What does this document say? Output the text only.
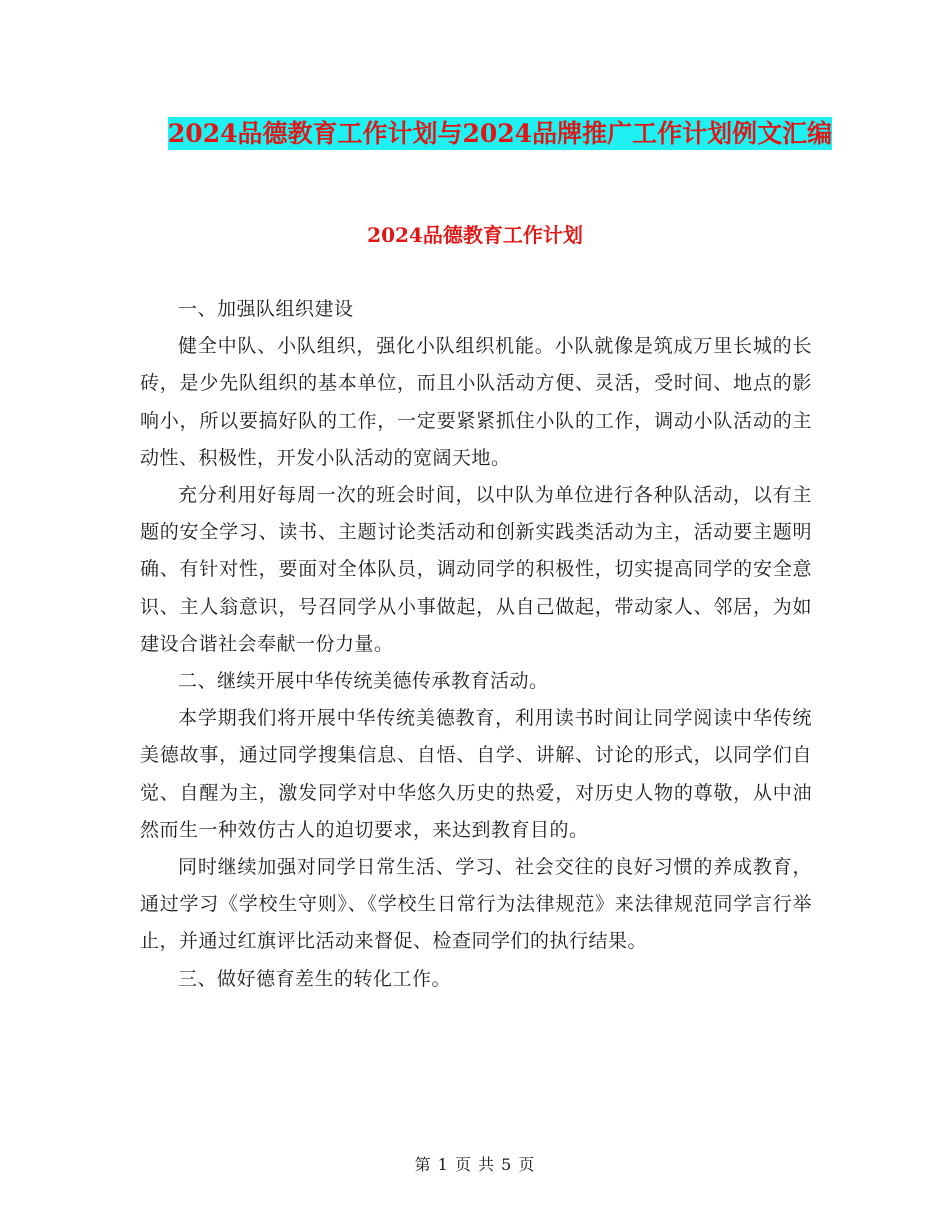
2024品德教育工作计划与2024品牌推广工作计划例文汇编
2024品德教育工作计划

一、加强队组织建设

健全中队、小队组织，强化小队组织机能。小队就像是筑成万里长城的长砖，是少先队组织的基本单位，而且小队活动方便、灵活，受时间、地点的影响小，所以要搞好队的工作，一定要紧紧抓住小队的工作，调动小队活动的主动性、积极性，开发小队活动的宽阔天地。

充分利用好每周一次的班会时间，以中队为单位进行各种队活动，以有主题的安全学习、读书、主题讨论类活动和创新实践类活动为主，活动要主题明确、有针对性，要面对全体队员，调动同学的积极性，切实提高同学的安全意识、主人翁意识，号召同学从小事做起，从自己做起，带动家人、邻居，为如建设合谐社会奉献一份力量。

二、继续开展中华传统美德传承教育活动。

本学期我们将开展中华传统美德教育，利用读书时间让同学阅读中华传统美德故事，通过同学搜集信息、自悟、自学、讲解、讨论的形式，以同学们自觉、自醒为主，激发同学对中华悠久历史的热爱，对历史人物的尊敬，从中油然而生一种效仿古人的迫切要求，来达到教育目的。

同时继续加强对同学日常生活、学习、社会交往的良好习惯的养成教育，通过学习《学校生守则》、《学校生日常行为法律规范》来法律规范同学言行举止，并通过红旗评比活动来督促、检查同学们的执行结果。

三、做好德育差生的转化工作。

第 1 页 共 5 页
